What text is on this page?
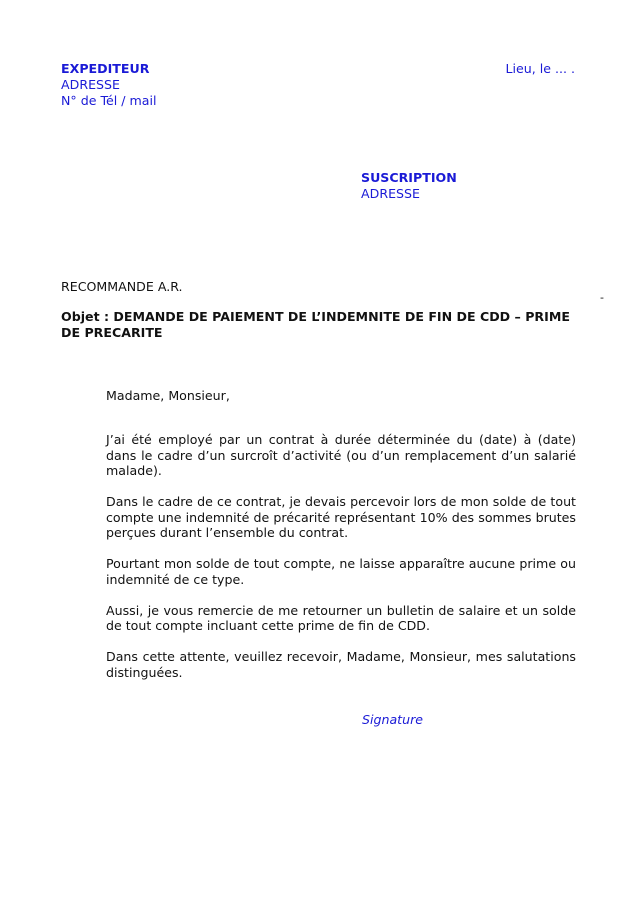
EXPEDITEUR
ADRESSE
N° de Tél / mail
Lieu, le ... .
SUSCRIPTION
ADRESSE
RECOMMANDE A.R.
-
Objet : DEMANDE DE PAIEMENT DE L’INDEMNITE DE FIN DE CDD – PRIME DE PRECARITE
Madame, Monsieur,

J’ai été employé par un contrat à durée déterminée du (date) à (date) dans le cadre d’un surcroît d’activité (ou d’un remplacement d’un salarié malade).

Dans le cadre de ce contrat, je devais percevoir lors de mon solde de tout compte une indemnité de précarité représentant 10% des sommes brutes perçues durant l’ensemble du contrat.

Pourtant mon solde de tout compte, ne laisse apparaître aucune prime ou indemnité de ce type.

Aussi, je vous remercie de me retourner un bulletin de salaire et un solde de tout compte incluant cette prime de fin de CDD.

Dans cette attente, veuillez recevoir, Madame, Monsieur, mes salutations distinguées.

Signature
